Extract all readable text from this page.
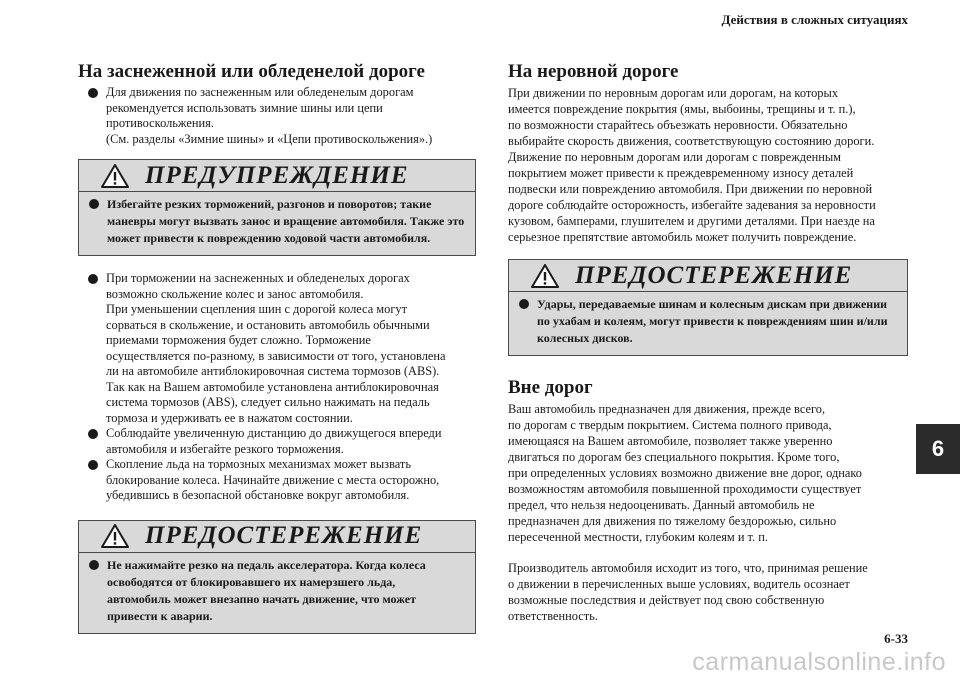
Действия в сложных ситуациях
На заснеженной или обледенелой дороге
Для движения по заснеженным или обледенелым дорогам
рекомендуется использовать зимние шины или цепи
противоскольжения.
(См. разделы «Зимние шины» и «Цепи противоскольжения».)
ПРЕДУПРЕЖДЕНИЕ
Избегайте резких торможений, разгонов и поворотов; такие
маневры могут вызвать занос и вращение автомобиля. Также это
может привести к повреждению ходовой части автомобиля.
При торможении на заснеженных и обледенелых дорогах
возможно скольжение колес и занос автомобиля.
При уменьшении сцепления шин с дорогой колеса могут
сорваться в скольжение, и остановить автомобиль обычными
приемами торможения будет сложно. Торможение
осуществляется по-разному, в зависимости от того, установлена
ли на автомобиле антиблокировочная система тормозов (ABS).
Так как на Вашем автомобиле установлена антиблокировочная
система тормозов (ABS), следует сильно нажимать на педаль
тормоза и удерживать ее в нажатом состоянии.
Соблюдайте увеличенную дистанцию до движущегося впереди
автомобиля и избегайте резкого торможения.
Скопление льда на тормозных механизмах может вызвать
блокирование колеса. Начинайте движение с места осторожно,
убедившись в безопасной обстановке вокруг автомобиля.
ПРЕДОСТЕРЕЖЕНИЕ
Не нажимайте резко на педаль акселератора. Когда колеса
освободятся от блокировавшего их намерзшего льда,
автомобиль может внезапно начать движение, что может
привести к аварии.
На неровной дороге

При движении по неровным дорогам или дорогам, на которых
имеется повреждение покрытия (ямы, выбоины, трещины и т. п.),
по возможности старайтесь объезжать неровности. Обязательно
выбирайте скорость движения, соответствующую состоянию дороги.
Движение по неровным дорогам или дорогам с поврежденным
покрытием может привести к преждевременному износу деталей
подвески или повреждению автомобиля. При движении по неровной
дороге соблюдайте осторожность, избегайте задевания за неровности
кузовом, бамперами, глушителем и другими деталями. При наезде на
серьезное препятствие автомобиль может получить повреждение.

ПРЕДОСТЕРЕЖЕНИЕ
Удары, передаваемые шинам и колесным дискам при движении
по ухабам и колеям, могут привести к повреждениям шин и/или
колесных дисков.
Вне дорог

Ваш автомобиль предназначен для движения, прежде всего,
по дорогам с твердым покрытием. Система полного привода,
имеющаяся на Вашем автомобиле, позволяет также уверенно
двигаться по дорогам без специального покрытия. Кроме того,
при определенных условиях возможно движение вне дорог, однако
возможностям автомобиля повышенной проходимости существует
предел, что нельзя недооценивать. Данный автомобиль не
предназначен для движения по тяжелому бездорожью, сильно
пересеченной местности, глубоким колеям и т. п.

Производитель автомобиля исходит из того, что, принимая решение
о движении в перечисленных выше условиях, водитель осознает
возможные последствия и действует под свою собственную
ответственность.

6
6-33
carmanualsonline.info
